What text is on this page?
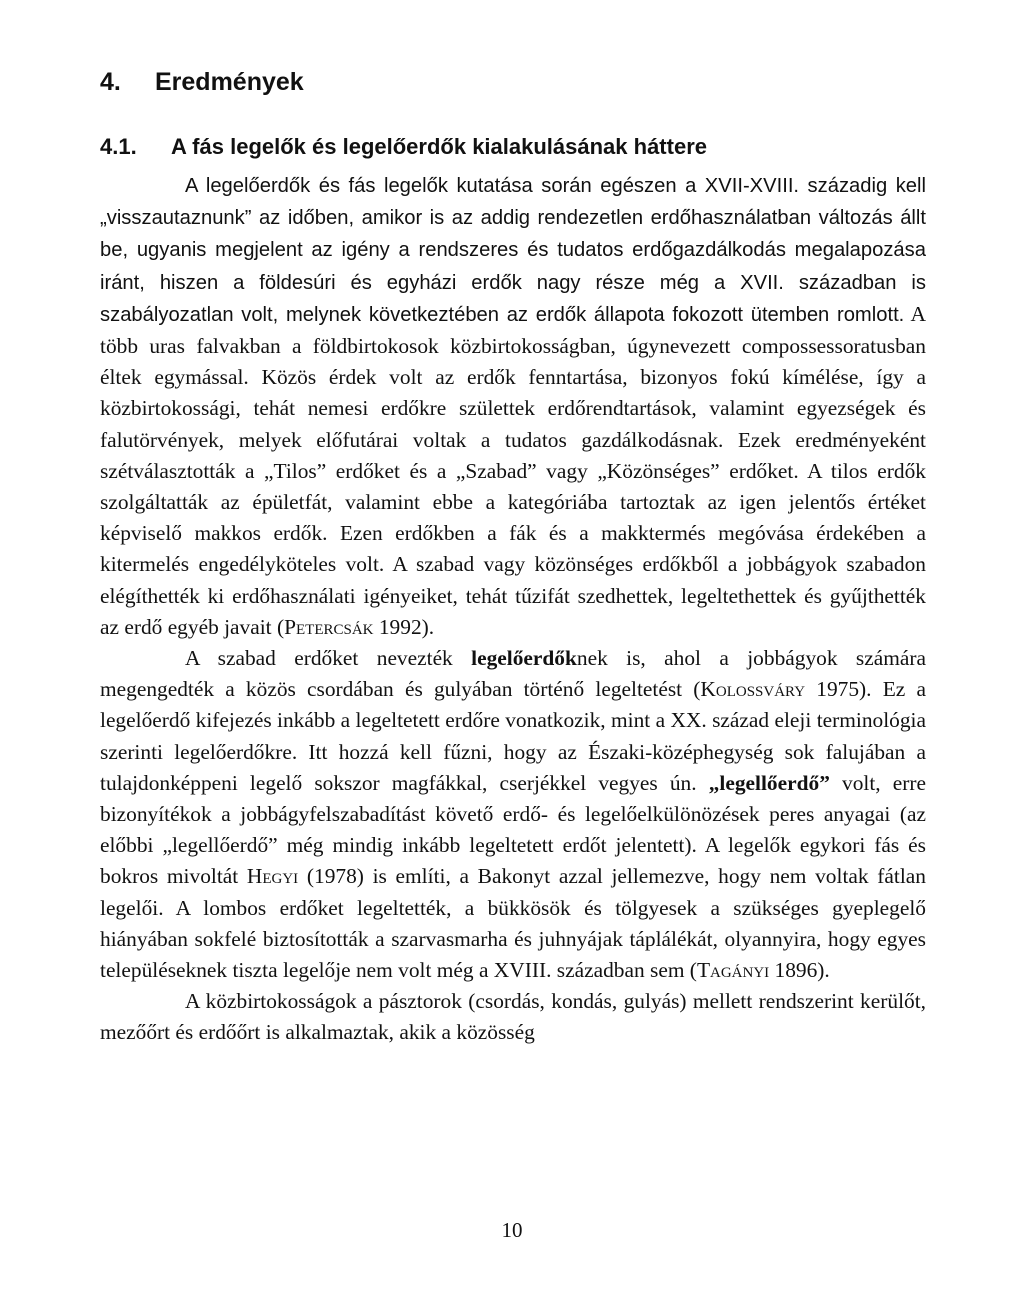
4. Eredmények
4.1. A fás legelők és legelőerdők kialakulásának háttere

A legelőerdők és fás legelők kutatása során egészen a XVII-XVIII. századig kell „visszautaznunk” az időben, amikor is az addig rendezetlen erdőhasználatban változás állt be, ugyanis megjelent az igény a rendszeres és tudatos erdőgazdálkodás megalapozása iránt, hiszen a földesúri és egyházi erdők nagy része még a XVII. században is szabályozatlan volt, melynek következtében az erdők állapota fokozott ütemben romlott. A több uras falvakban a földbirtokosok közbirtokosságban, úgynevezett compossessoratusban éltek egymással. Közös érdek volt az erdők fenntartása, bizonyos fokú kímélése, így a közbirtokossági, tehát nemesi erdőkre születtek erdőrendtartások, valamint egyezségek és falutörvények, melyek előfutárai voltak a tudatos gazdálkodásnak. Ezek eredményeként szétválasztották a „Tilos” erdőket és a „Szabad” vagy „Közönséges” erdőket. A tilos erdők szolgáltatták az épületfát, valamint ebbe a kategóriába tartoztak az igen jelentős értéket képviselő makkos erdők. Ezen erdőkben a fák és a makktermés megóvása érdekében a kitermelés engedélyköteles volt. A szabad vagy közönséges erdőkből a jobbágyok szabadon elégíthették ki erdőhasználati igényeiket, tehát tűzifát szedhettek, legeltethettek és gyűjthették az erdő egyéb javait (Petercsák 1992).

A szabad erdőket nevezték legelőerdőknek is, ahol a jobbágyok számára megengedték a közös csordában és gulyában történő legeltetést (Kolossváry 1975). Ez a legelőerdő kifejezés inkább a legeltetett erdőre vonatkozik, mint a XX. század eleji terminológia szerinti legelőerdőkre. Itt hozzá kell fűzni, hogy az Északi-középhegység sok falujában a tulajdonképpeni legelő sokszor magfákkal, cserjékkel vegyes ún. „legellőerdő” volt, erre bizonyítékok a jobbágyfelszabadítást követő erdő- és legelőelkülönözések peres anyagai (az előbbi „legellőerdő” még mindig inkább legeltetett erdőt jelentett). A legelők egykori fás és bokros mivoltát Hegyi (1978) is említi, a Bakonyt azzal jellemezve, hogy nem voltak fátlan legelői. A lombos erdőket legeltették, a bükkösök és tölgyesek a szükséges gyeplegelő hiányában sokfelé biztosították a szarvasmarha és juhnyájak táplálékát, olyannyira, hogy egyes településeknek tiszta legelője nem volt még a XVIII. században sem (Tagányi 1896).

A közbirtokosságok a pásztorok (csordás, kondás, gulyás) mellett rendszerint kerülőt, mezőőrt és erdőőrt is alkalmaztak, akik a közösség

10
